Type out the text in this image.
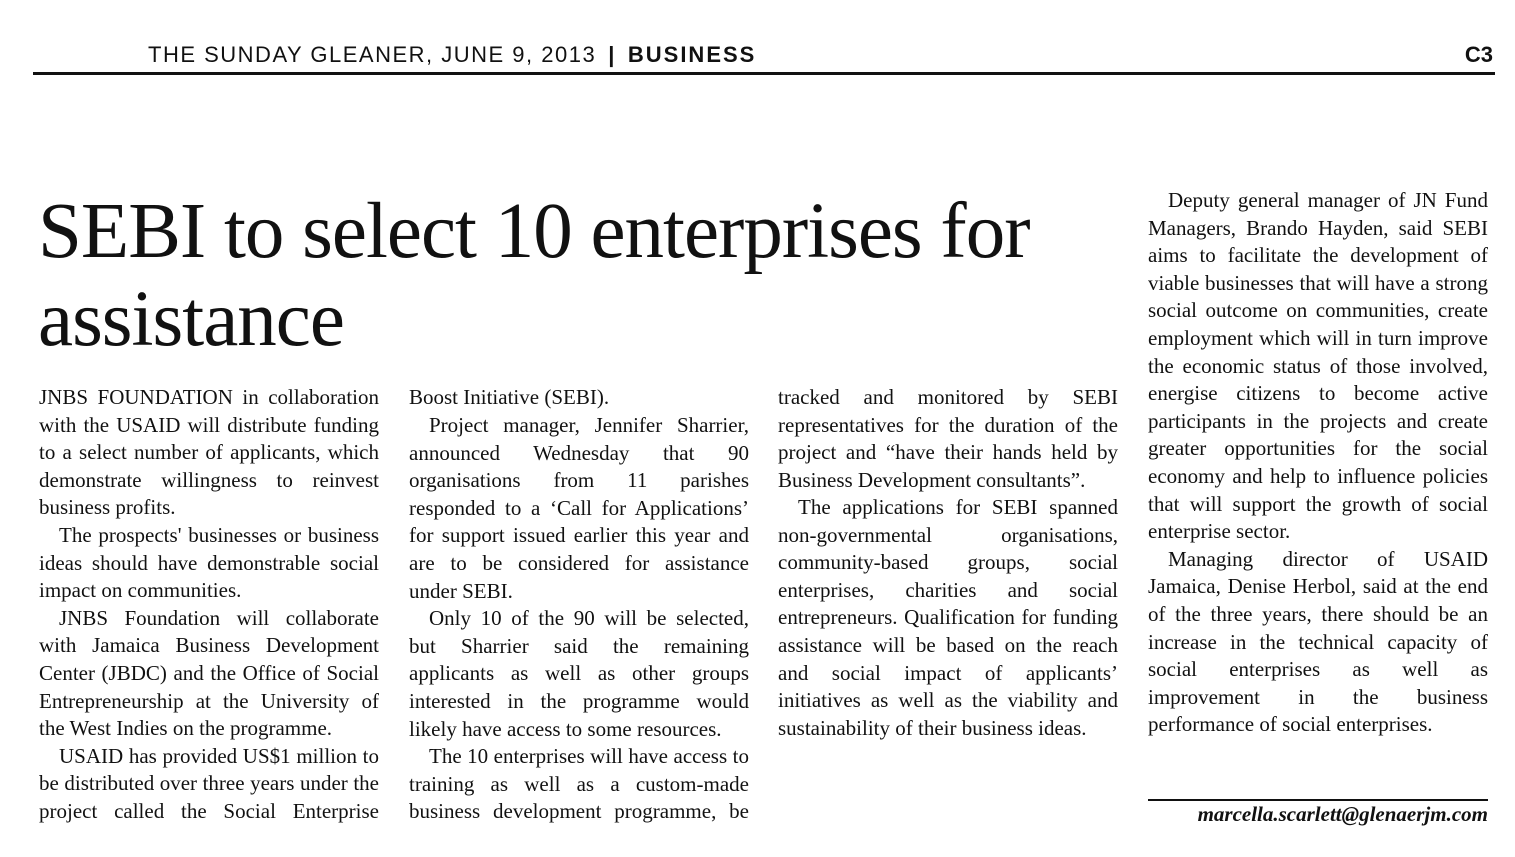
THE SUNDAY GLEANER, JUNE 9, 2013 | BUSINESS	C3
SEBI to select 10 enterprises for assistance

JNBS FOUNDATION in collaboration with the USAID will distribute funding to a select number of applicants, which demonstrate willingness to reinvest business profits.

The prospects' businesses or business ideas should have demonstrable social impact on communities.

JNBS Foundation will collaborate with Jamaica Business Development Center (JBDC) and the Office of Social Entrepreneurship at the University of the West Indies on the programme.

USAID has provided US$1 million to be distributed over three years under the project called the Social Enterprise

Boost Initiative (SEBI).	tracked and monitored by SEBI representatives for the duration of the project and “have their hands held by Business Development consultants”.

Deputy general manager of JN Fund Managers, Brando Hayden, said SEBI aims to facilitate the development of viable businesses that will have a strong social outcome on communities, create employment which will in turn improve the economic status of those involved, energise citizens to become active participants in the projects and create greater opportunities for the social economy and help to influence policies that will support the growth of social enterprise sector.

Managing director of USAID Jamaica, Denise Herbol, said at the end of the three years, there should be an increase in the technical capacity of social enterprises as well as improvement in the business performance of social enterprises.

Project manager, Jennifer Sharrier, announced Wednesday that 90 organisations from 11 parishes responded to a ‘Call for Applications’ for support issued earlier this year and are to be considered for assistance under SEBI.

Only 10 of the 90 will be selected, but Sharrier said the remaining applicants as well as other groups interested in the programme would likely have access to some resources.

The 10 enterprises will have access to training as well as a custom-made business development programme, be

The applications for SEBI spanned non-governmental organisations, community-based groups, social enterprises, charities and social entrepreneurs. Qualification for funding assistance will be based on the reach and social impact of applicants’ initiatives as well as the viability and sustainability of their business ideas.

marcella.scarlett@glenaerjm.com
